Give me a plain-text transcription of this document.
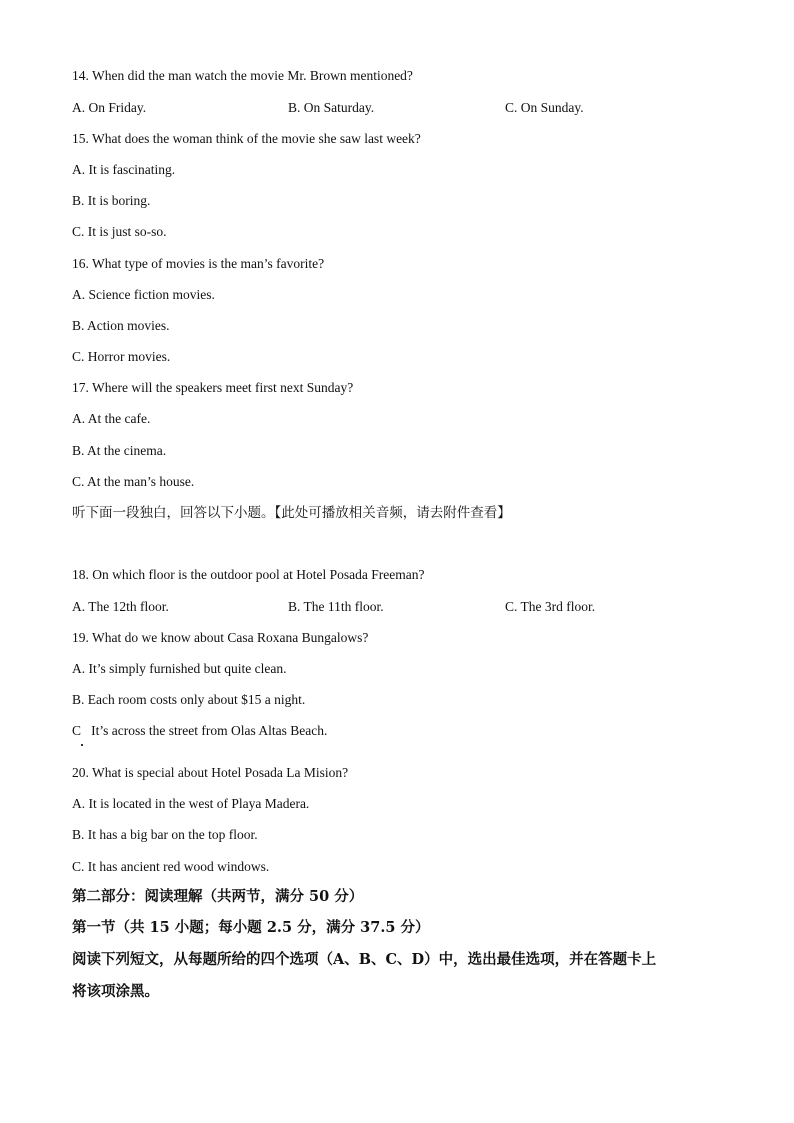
14. When did the man watch the movie Mr. Brown mentioned?
A. On Friday.	B. On Saturday.	C. On Sunday.
15. What does the woman think of the movie she saw last week?
A. It is fascinating.
B. It is boring.
C. It is just so-so.
16. What type of movies is the man’s favorite?
A. Science fiction movies.
B. Action movies.
C. Horror movies.
17. Where will the speakers meet first next Sunday?
A. At the cafe.
B. At the cinema.
C. At the man’s house.
听下面一段独白，回答以下小题。【此处可播放相关音频，请去附件查看】
18. On which floor is the outdoor pool at Hotel Posada Freeman?
A. The 12th floor.	B. The 11th floor.	C. The 3rd floor.
19. What do we know about Casa Roxana Bungalows?
A. It’s simply furnished but quite clean.
B. Each room costs only about $15 a night.
C   It’s across the street from Olas Altas Beach.
20. What is special about Hotel Posada La Mision?
A. It is located in the west of Playa Madera.
B. It has a big bar on the top floor.
C. It has ancient red wood windows.
第二部分：阅读理解（共两节，满分 50 分）
第一节（共 15 小题；每小题 2.5 分，满分 37.5 分）
阅读下列短文，从每题所给的四个选项（A、B、C、D）中，选出最佳选项，并在答题卡上
将该项涂黑。
